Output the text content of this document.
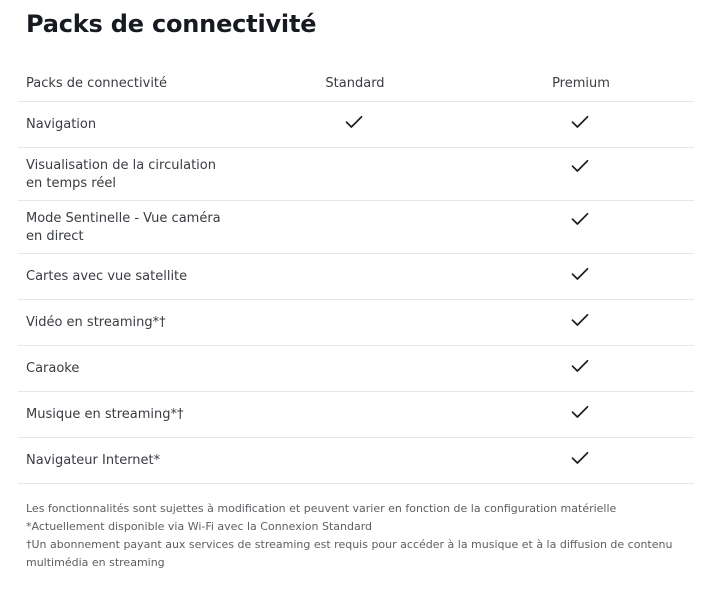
Packs de connectivité
Packs de connectivité	Standard	Premium
Navigation
Visualisation de la circulation en temps réel
Mode Sentinelle - Vue caméra en direct
Cartes avec vue satellite
Vidéo en streaming*†
Caraoke
Musique en streaming*†
Navigateur Internet*

Les fonctionnalités sont sujettes à modification et peuvent varier en fonction de la configuration matérielle

*Actuellement disponible via Wi-Fi avec la Connexion Standard

†Un abonnement payant aux services de streaming est requis pour accéder à la musique et à la diffusion de contenu multimédia en streaming
